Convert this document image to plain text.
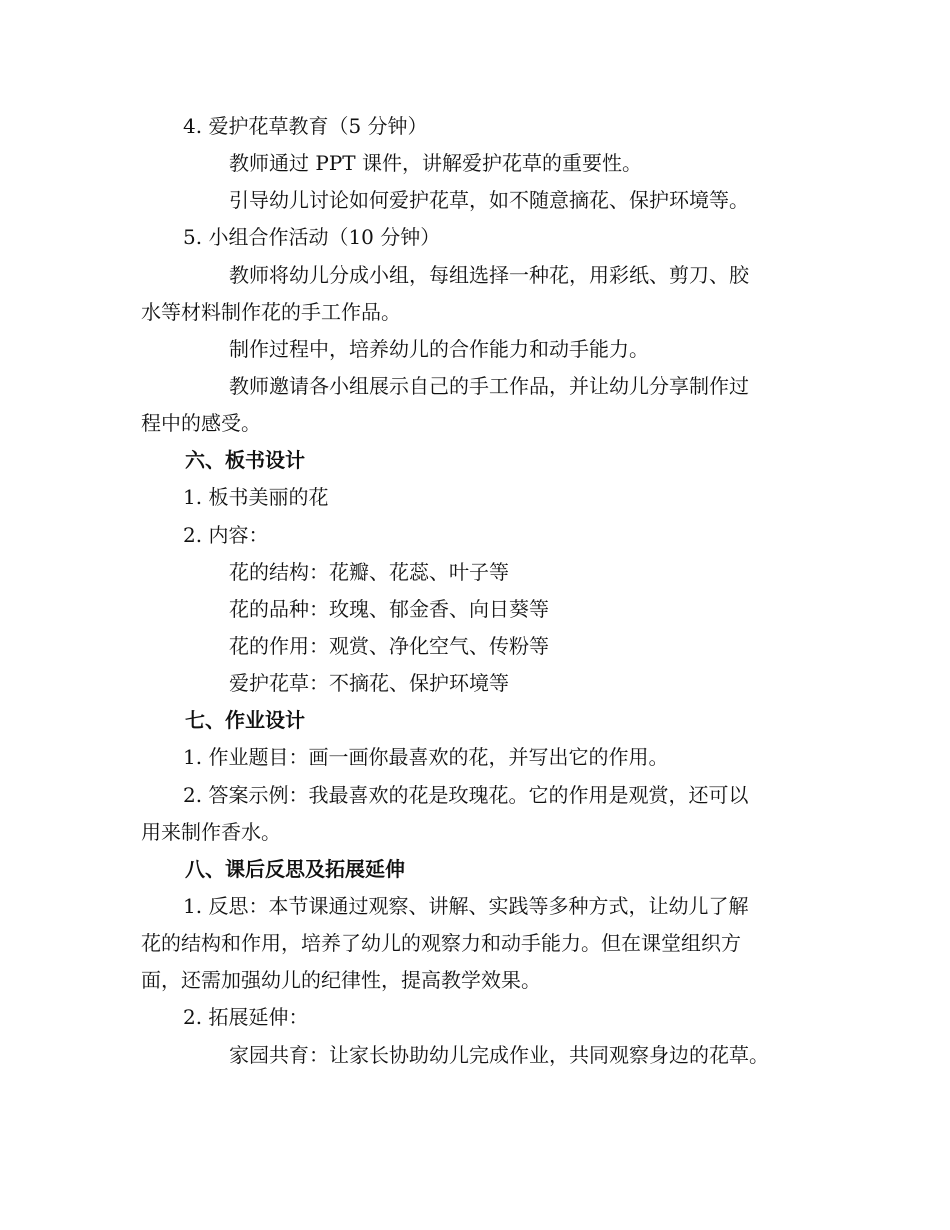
4. 爱护花草教育（5 分钟）
教师通过 PPT 课件，讲解爱护花草的重要性。
引导幼儿讨论如何爱护花草，如不随意摘花、保护环境等。
5. 小组合作活动（10 分钟）
教师将幼儿分成小组，每组选择一种花，用彩纸、剪刀、胶
水等材料制作花的手工作品。
制作过程中，培养幼儿的合作能力和动手能力。
教师邀请各小组展示自己的手工作品，并让幼儿分享制作过
程中的感受。
六、板书设计
1. 板书美丽的花
2. 内容：
花的结构：花瓣、花蕊、叶子等
花的品种：玫瑰、郁金香、向日葵等
花的作用：观赏、净化空气、传粉等
爱护花草：不摘花、保护环境等
七、作业设计
1. 作业题目：画一画你最喜欢的花，并写出它的作用。
2. 答案示例：我最喜欢的花是玫瑰花。它的作用是观赏，还可以
用来制作香水。
八、课后反思及拓展延伸
1. 反思：本节课通过观察、讲解、实践等多种方式，让幼儿了解
花的结构和作用，培养了幼儿的观察力和动手能力。但在课堂组织方
面，还需加强幼儿的纪律性，提高教学效果。
2. 拓展延伸：
家园共育：让家长协助幼儿完成作业，共同观察身边的花草。
